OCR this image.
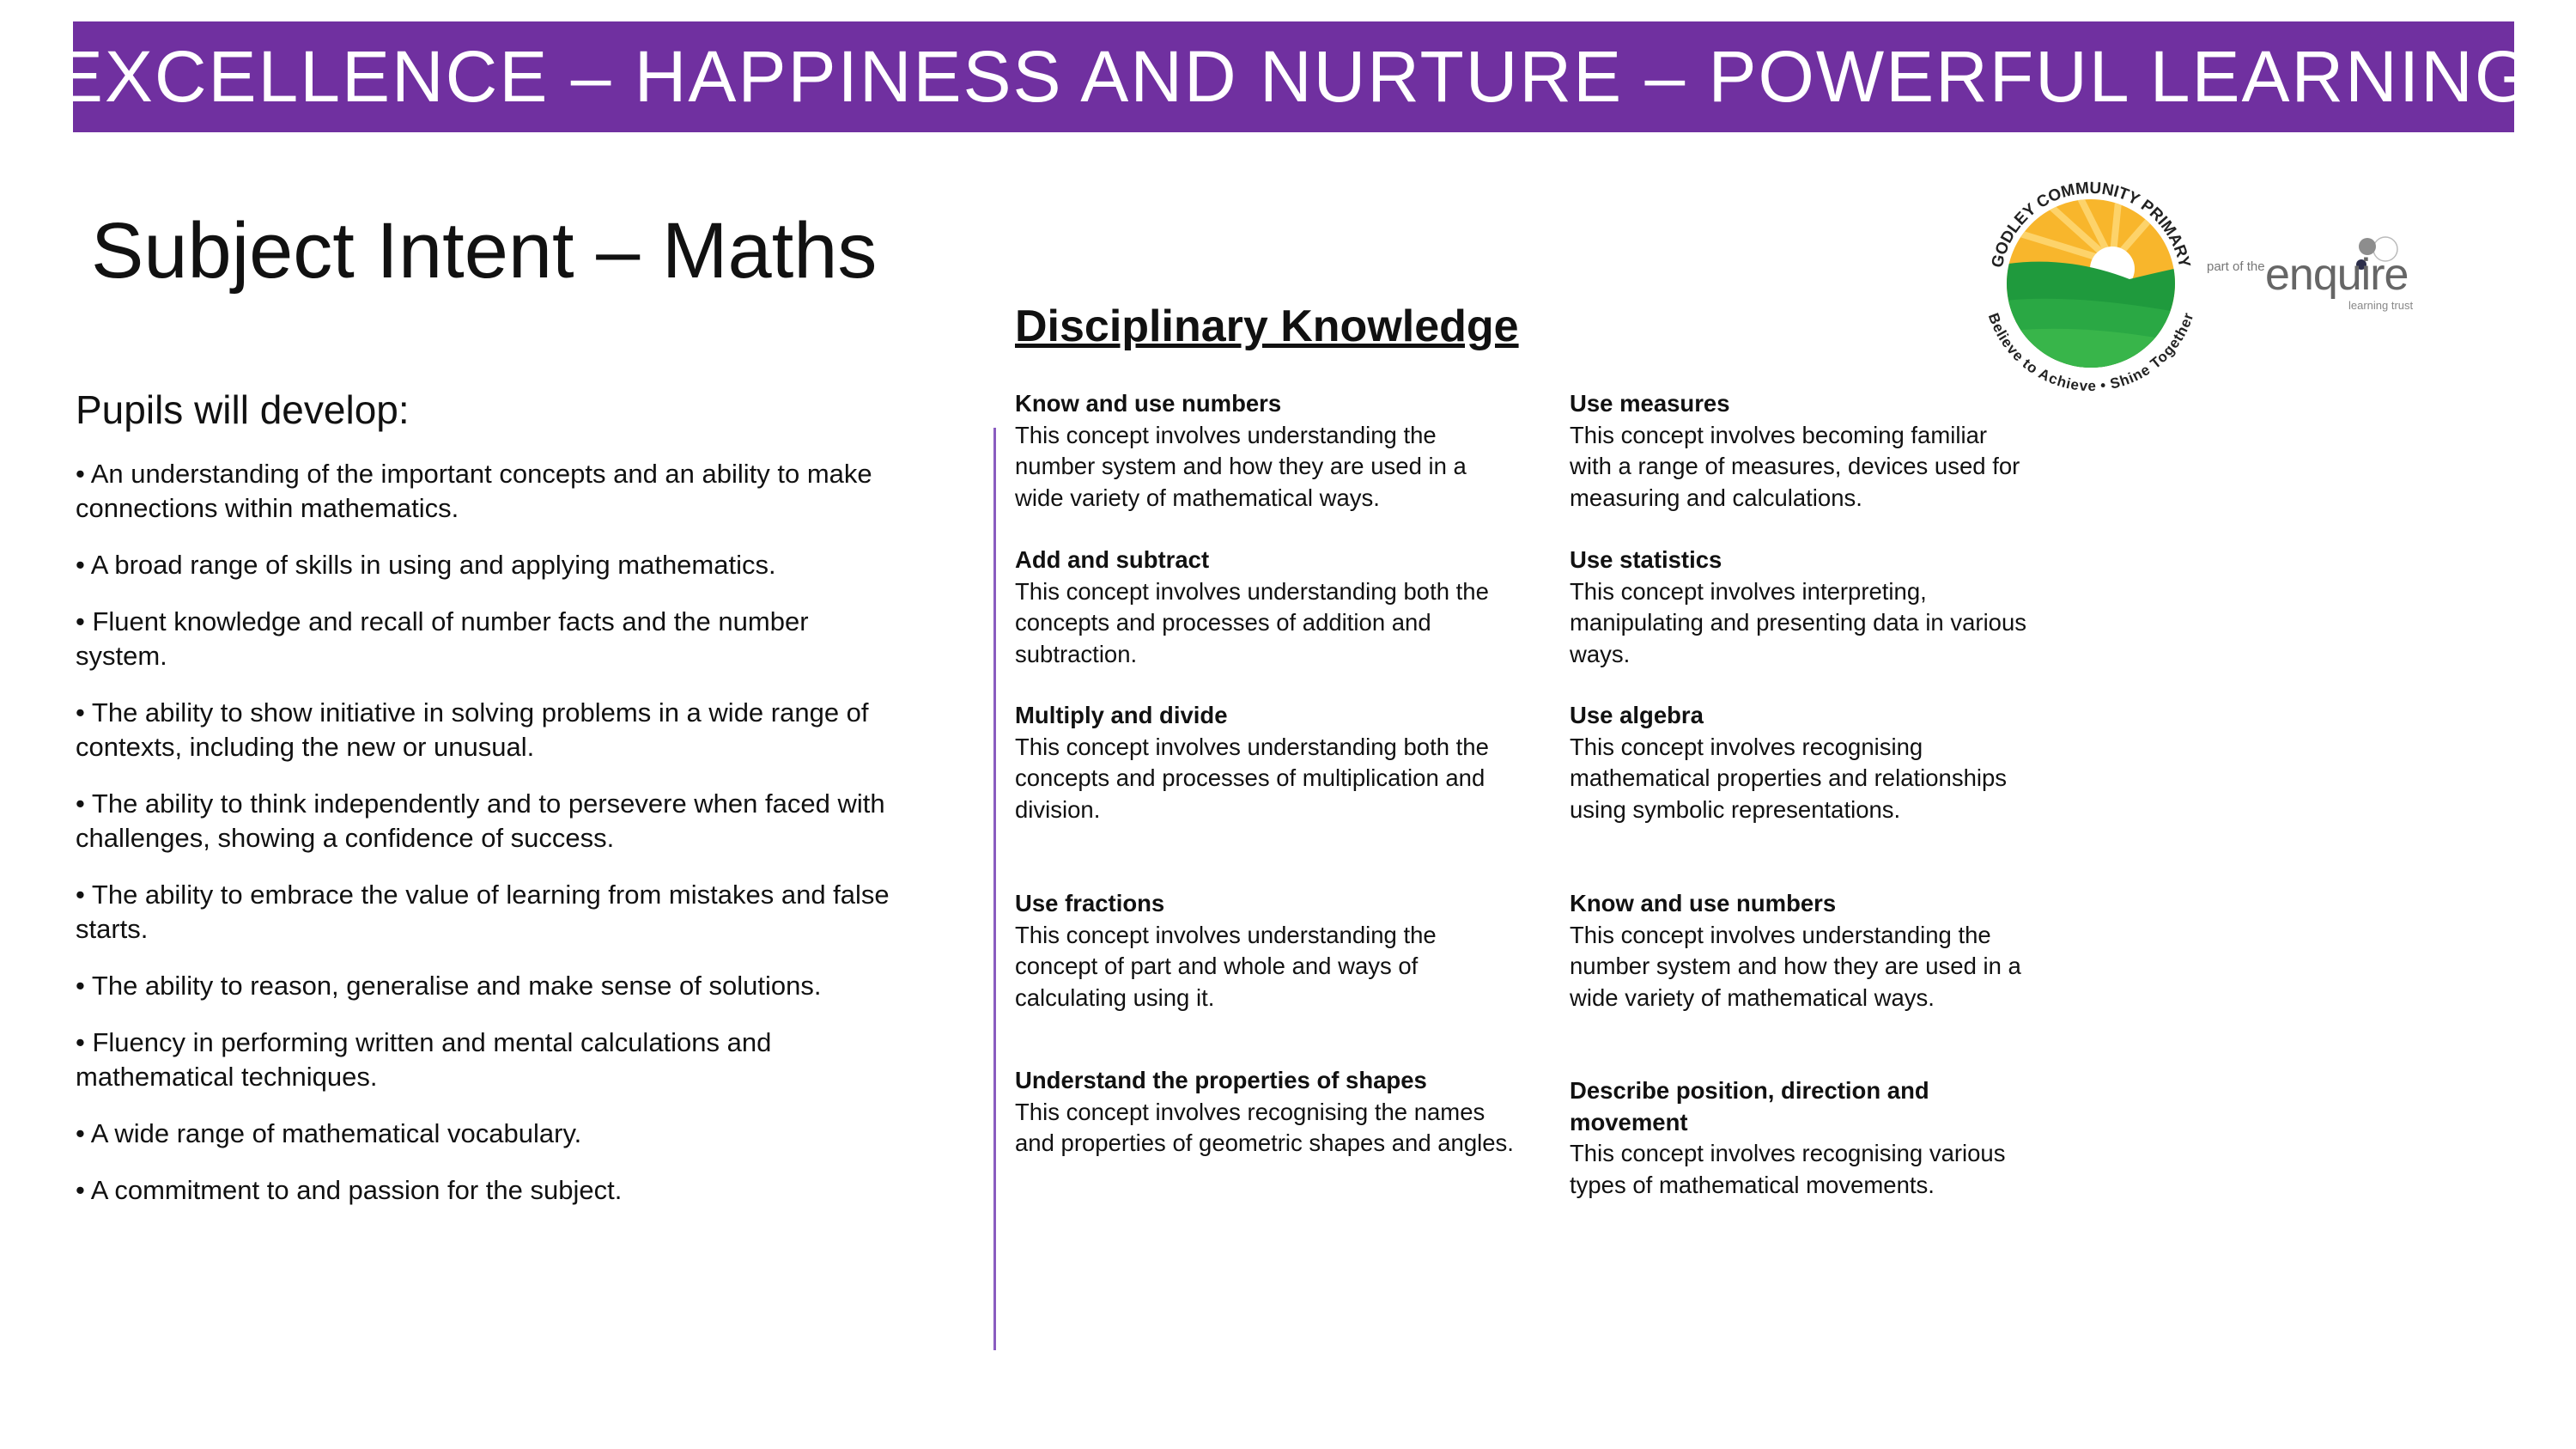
EXCELLENCE – HAPPINESS AND NURTURE – POWERFUL LEARNING
Subject Intent – Maths
Pupils will develop:
• An understanding of the important concepts and an ability to make connections within mathematics.
• A broad range of skills in using and applying mathematics.
• Fluent knowledge and recall of number facts and the number system.
• The ability to show initiative in solving problems in a wide range of contexts, including the new or unusual.
• The ability to think independently and to persevere when faced with challenges, showing a confidence of success.
• The ability to embrace the value of learning from mistakes and false starts.
• The ability to reason, generalise and make sense of solutions.
• Fluency in performing written and mental calculations and mathematical techniques.
• A wide range of mathematical vocabulary.
• A commitment to and passion for the subject.
Disciplinary Knowledge
Know and use numbers
This concept involves understanding the number system and how they are used in a wide variety of mathematical ways.
Add and subtract
This concept involves understanding both the concepts and processes of addition and subtraction.
Multiply and divide
This concept involves understanding both the concepts and processes of multiplication and division.
Use fractions
This concept involves understanding the concept of part and whole and ways of calculating using it.
Understand the properties of shapes
This concept involves recognising the names and properties of geometric shapes and angles.
Use measures
This concept involves becoming familiar with a range of measures, devices used for measuring and calculations.
Use statistics
This concept involves interpreting, manipulating and presenting data in various ways.
Use algebra
This concept involves recognising mathematical properties and relationships using symbolic representations.
Know and use numbers
This concept involves understanding the number system and how they are used in a wide variety of mathematical ways.
Describe position, direction and movement
This concept involves recognising various types of mathematical movements.
GODLEY COMMUNITY PRIMARY
Believe to Achieve • Shine Together
part of the enquire
learning trust
